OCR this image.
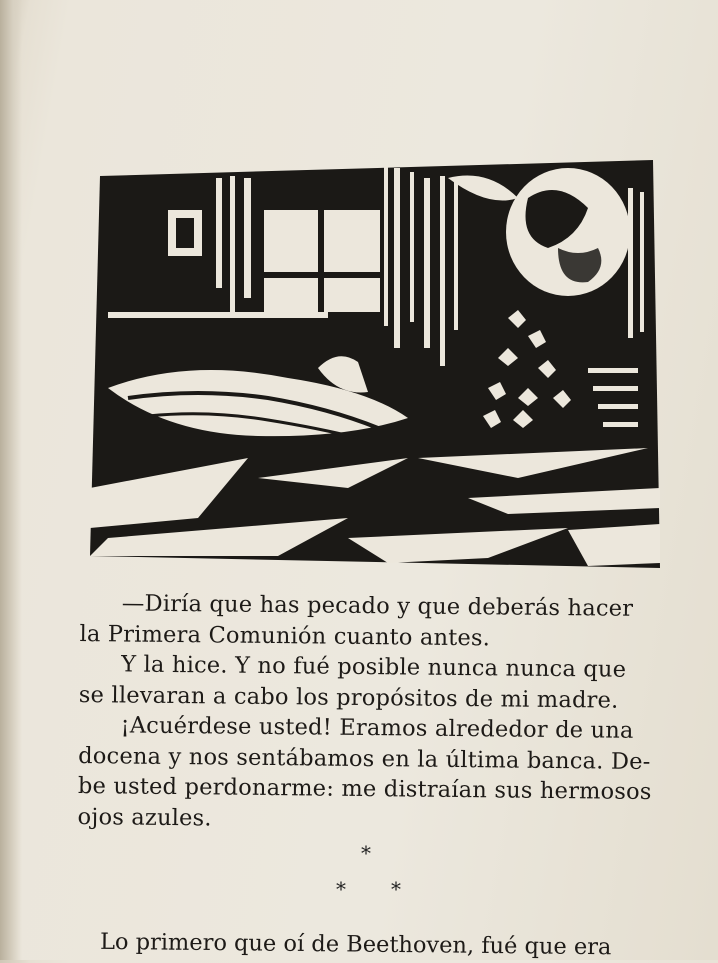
—Diría que has pecado y que deberás hacer
la Primera Comunión cuanto antes.

Y la hice. Y no fué posible nunca nunca que
se llevaran a cabo los propósitos de mi madre.

¡Acuérdese usted! Eramos alrededor de una
docena y nos sentábamos en la última banca. De-
be usted perdonarme: me distraían sus hermosos
ojos azules.

*
* *
Lo primero que oí de Beethoven, fué que era
